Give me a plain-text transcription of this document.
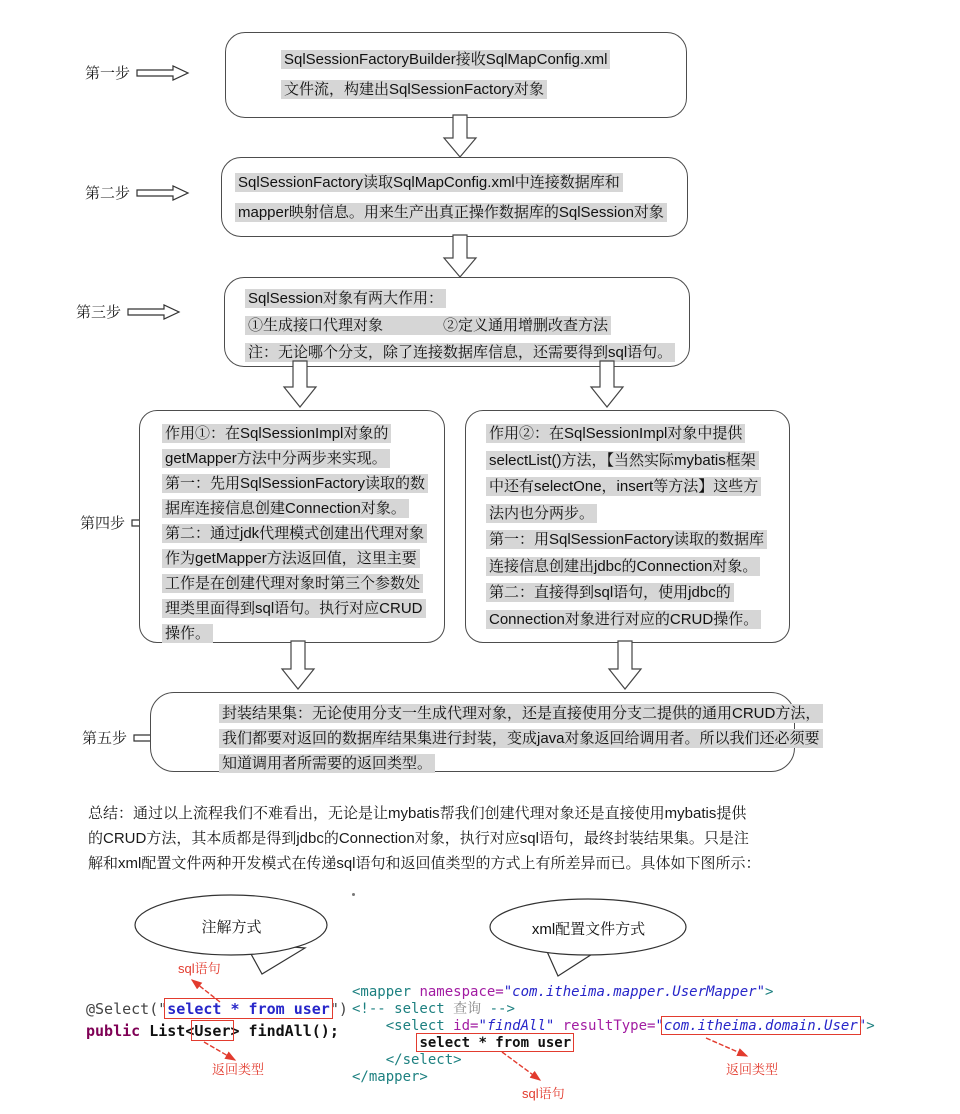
第一步
第二步
第三步
第四步
第五步
SqlSessionFactoryBuilder接收SqlMapConfig.xml
文件流，构建出SqlSessionFactory对象
SqlSessionFactory读取SqlMapConfig.xml中连接数据库和
mapper映射信息。用来生产出真正操作数据库的SqlSession对象
SqlSession对象有两大作用：
①生成接口代理对象　　　　②定义通用增删改查方法
注：无论哪个分支，除了连接数据库信息，还需要得到sql语句。
作用①：在SqlSessionImpl对象的
getMapper方法中分两步来实现。
第一：先用SqlSessionFactory读取的数
据库连接信息创建Connection对象。
第二：通过jdk代理模式创建出代理对象
作为getMapper方法返回值，这里主要
工作是在创建代理对象时第三个参数处
理类里面得到sql语句。执行对应CRUD
操作。
作用②：在SqlSessionImpl对象中提供
selectList()方法，【当然实际mybatis框架
中还有selectOne，insert等方法】这些方
法内也分两步。
第一：用SqlSessionFactory读取的数据库
连接信息创建出jdbc的Connection对象。
第二：直接得到sql语句，使用jdbc的
Connection对象进行对应的CRUD操作。
封装结果集：无论使用分支一生成代理对象，还是直接使用分支二提供的通用CRUD方法，
我们都要对返回的数据库结果集进行封装，变成java对象返回给调用者。所以我们还必须要
知道调用者所需要的返回类型。
总结：通过以上流程我们不难看出，无论是让mybatis帮我们创建代理对象还是直接使用mybatis提供
的CRUD方法，其本质都是得到jdbc的Connection对象，执行对应sql语句，最终封装结果集。只是注
解和xml配置文件两种开发模式在传递sql语句和返回值类型的方式上有所差异而已。具体如下图所示：
注解方式	xml配置文件方式
sql语句
返回类型
sql语句
返回类型
@Select("select * from user")
public List<User> findAll();
<mapper namespace="com.itheima.mapper.UserMapper">
<!-- select 查询 -->
<select id="findAll" resultType="com.itheima.domain.User">
select * from user
</select>
</mapper>
